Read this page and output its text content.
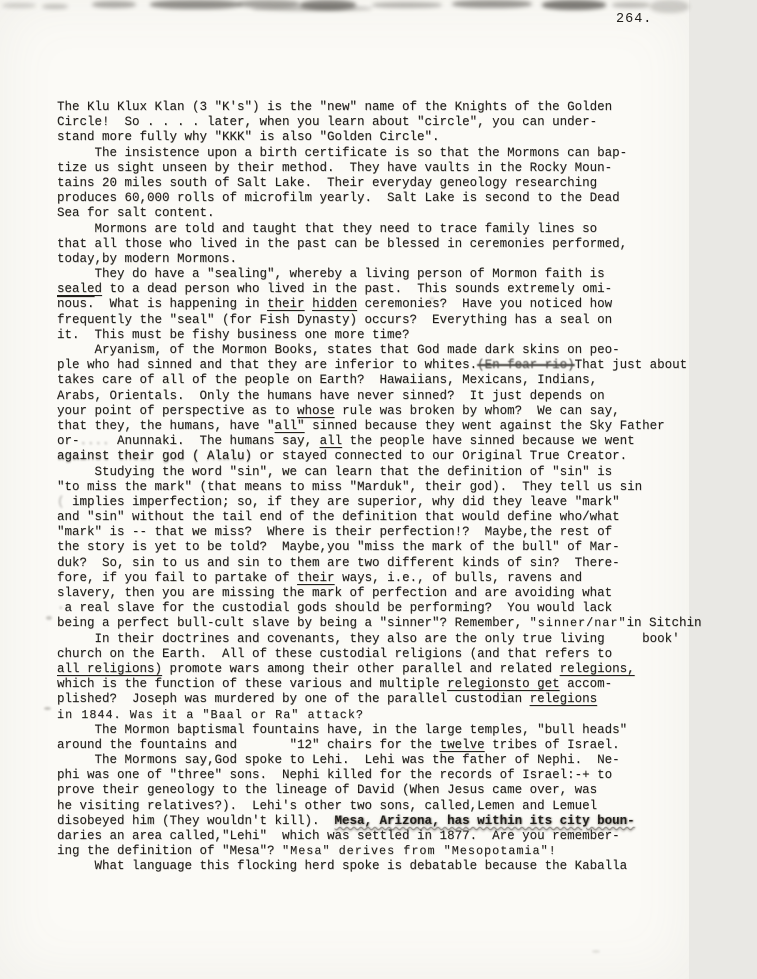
264.
The Klu Klux Klan (3 "K's") is the "new" name of the Knights of the Golden
Circle!  So . . . . later, when you learn about "circle", you can under-
stand more fully why "KKK" is also "Golden Circle".
The insistence upon a birth certificate is so that the Mormons can bap-
tize us sight unseen by their method.  They have vaults in the Rocky Moun-
tains 20 miles south of Salt Lake.  Their everyday geneology researching
produces 60,000 rolls of microfilm yearly.  Salt Lake is second to the Dead
Sea for salt content.
Mormons are told and taught that they need to trace family lines so
that all those who lived in the past can be blessed in ceremonies performed,
today,by modern Mormons.
They do have a "sealing", whereby a living person of Mormon faith is
sealed to a dead person who lived in the past.  This sounds extremely omi-
nous.  What is happening in their hidden ceremonies?  Have you noticed how
frequently the "seal" (for Fish Dynasty) occurs?  Everything has a seal on
it.  This must be fishy business one more time?
Aryanism, of the Mormon Books, states that God made dark skins on peo-
ple who had sinned and that they are inferior to whites.(En-fear-rio)That just about
takes care of all of the people on Earth?  Hawaiians, Mexicans, Indians,
Arabs, Orientals.  Only the humans have never sinned?  It just depends on
your point of perspective as to whose rule was broken by whom?  We can say,
that they, the humans, have "all" sinned because they went against the Sky Father
or-.... Anunnaki.  The humans say, all the people have sinned because we went
against their god ( Alalu) or stayed connected to our Original True Creator.
Studying the word "sin", we can learn that the definition of "sin" is
"to miss the mark" (that means to miss "Marduk", their god).  They tell us sin
( implies imperfection; so, if they are superior, why did they leave "mark"
and "sin" without the tail end of the definition that would define who/what
"mark" is -- that we miss?  Where is their perfection!?  Maybe,the rest of
the story is yet to be told?  Maybe,you "miss the mark of the bull" of Mar-
duk?  So, sin to us and sin to them are two different kinds of sin?  There-
fore, if you fail to partake of their ways, i.e., of bulls, ravens and
slavery, then you are missing the mark of perfection and are avoiding what
·a real slave for the custodial gods should be performing?  You would lack
being a perfect bull-cult slave by being a "sinner"? Remember, "sinner/nar"in Sitchin
In their doctrines and covenants, they also are the only true living     book'
church on the Earth.  All of these custodial religions (and that refers to
all religions) promote wars among their other parallel and related relegions,
which is the function of these various and multiple relegionsto get accom-
plished?  Joseph was murdered by one of the parallel custodian relegions
in 1844. Was it a "Baal or Ra" attack?
The Mormon baptismal fountains have, in the large temples, "bull heads"
around the fountains and       "12" chairs for the twelve tribes of Israel.
The Mormons say,God spoke to Lehi.  Lehi was the father of Nephi.  Ne-
phi was one of "three" sons.  Nephi killed for the records of Israel:-+ to
prove their geneology to the lineage of David (When Jesus came over, was
he visiting relatives?).  Lehi's other two sons, called,Lemen and Lemuel
disobeyed him (They wouldn't kill).  Mesa, Arizona, has within its city boun-
daries an area called,"Lehi"  which was settled in 1877.  Are you remember-
ing the definition of "Mesa"? "Mesa" derives from "Mesopotamia"!
What language this flocking herd spoke is debatable because the Kaballa
